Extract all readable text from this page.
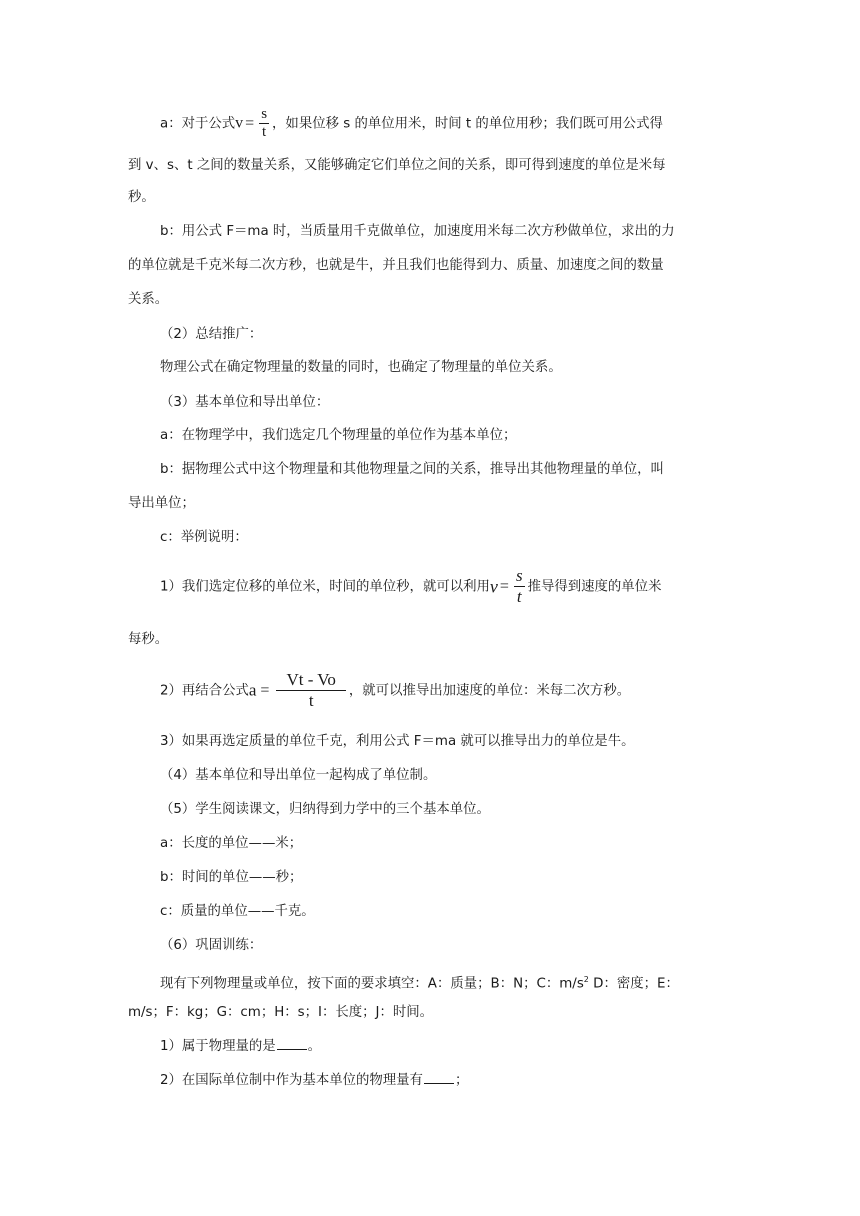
a：对于公式$v = \frac{s}{t}$ ，如果位移 s 的单位用米，时间 t 的单位用秒；我们既可用公式得
到 v、s、t 之间的数量关系，又能够确定它们单位之间的关系，即可得到速度的单位是米每
秒。
b：用公式 F＝ma 时，当质量用千克做单位，加速度用米每二次方秒做单位，求出的力
的单位就是千克米每二次方秒，也就是牛，并且我们也能得到力、质量、加速度之间的数量
关系。
（2）总结推广：
物理公式在确定物理量的数量的同时，也确定了物理量的单位关系。
（3）基本单位和导出单位：
a：在物理学中，我们选定几个物理量的单位作为基本单位；
b：据物理公式中这个物理量和其他物理量之间的关系，推导出其他物理量的单位，叫
导出单位；
c：举例说明：
1）我们选定位移的单位米，时间的单位秒，就可以利用$v = \frac{s}{t}$ 推导得到速度的单位米
每秒。
2）再结合公式$a = \frac{Vt - Vo}{t}$ ，就可以推导出加速度的单位：米每二次方秒。
3）如果再选定质量的单位千克，利用公式 F＝ma 就可以推导出力的单位是牛。
（4）基本单位和导出单位一起构成了单位制。
（5）学生阅读课文，归纳得到力学中的三个基本单位。
a：长度的单位——米；
b：时间的单位——秒；
c：质量的单位——千克。
（6）巩固训练：
现有下列物理量或单位，按下面的要求填空：A：质量；B：N；C：$m/s^2$ D：密度；E：
m/s；F：kg；G：cm；H：s；I：长度；J：时间。
1）属于物理量的是 。
2）在国际单位制中作为基本单位的物理量有 ；
